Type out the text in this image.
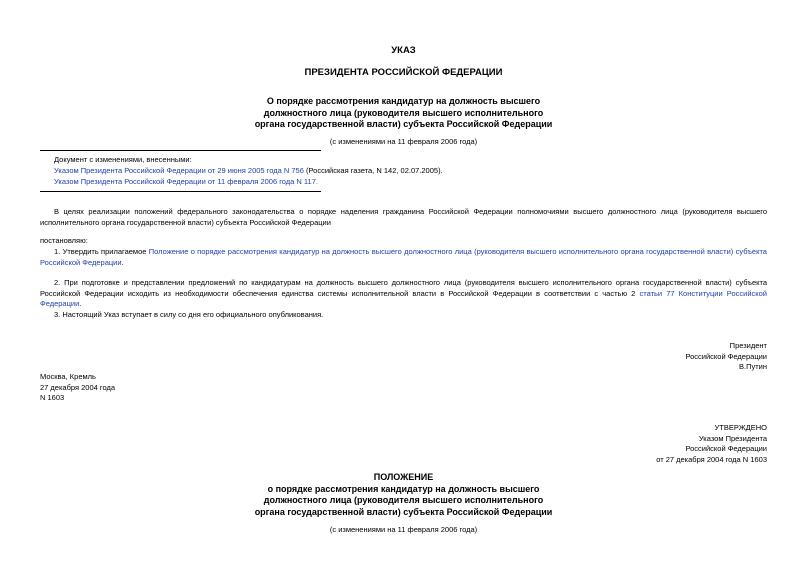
УКАЗ
ПРЕЗИДЕНТА РОССИЙСКОЙ ФЕДЕРАЦИИ
О порядке рассмотрения кандидатур на должность высшего
должностного лица (руководителя высшего исполнительного
органа государственной власти) субъекта Российской Федерации
(с изменениями на 11 февраля 2006 года)
Документ с изменениями, внесенными:
Указом Президента Российской Федерации от 29 июня 2005 года N 756 (Российская газета, N 142, 02.07.2005).
Указом Президента Российской Федерации от 11 февраля 2006 года N 117.
В целях реализации положений федерального законодательства о порядке наделения гражданина Российской Федерации полномочиями высшего должностного лица (руководителя высшего исполнительного органа государственной власти) субъекта Российской Федерации
постановляю:
1. Утвердить прилагаемое Положение о порядке рассмотрения кандидатур на должность высшего должностного лица (руководителя высшего исполнительного органа государственной власти) субъекта Российской Федерации.
2. При подготовке и представлении предложений по кандидатурам на должность высшего должностного лица (руководителя высшего исполнительного органа государственной власти) субъекта Российской Федерации исходить из необходимости обеспечения единства системы исполнительной власти в Российской Федерации в соответствии с частью 2 статьи 77 Конституции Российской Федерации.
3. Настоящий Указ вступает в силу со дня его официального опубликования.
Президент
Российской Федерации
В.Путин
Москва, Кремль
27 декабря 2004 года
N 1603
УТВЕРЖДЕНО
Указом Президента
Российской Федерации
от 27 декабря 2004 года N 1603
ПОЛОЖЕНИЕ
о порядке рассмотрения кандидатур на должность высшего
должностного лица (руководителя высшего исполнительного
органа государственной власти) субъекта Российской Федерации
(с изменениями на 11 февраля 2006 года)
